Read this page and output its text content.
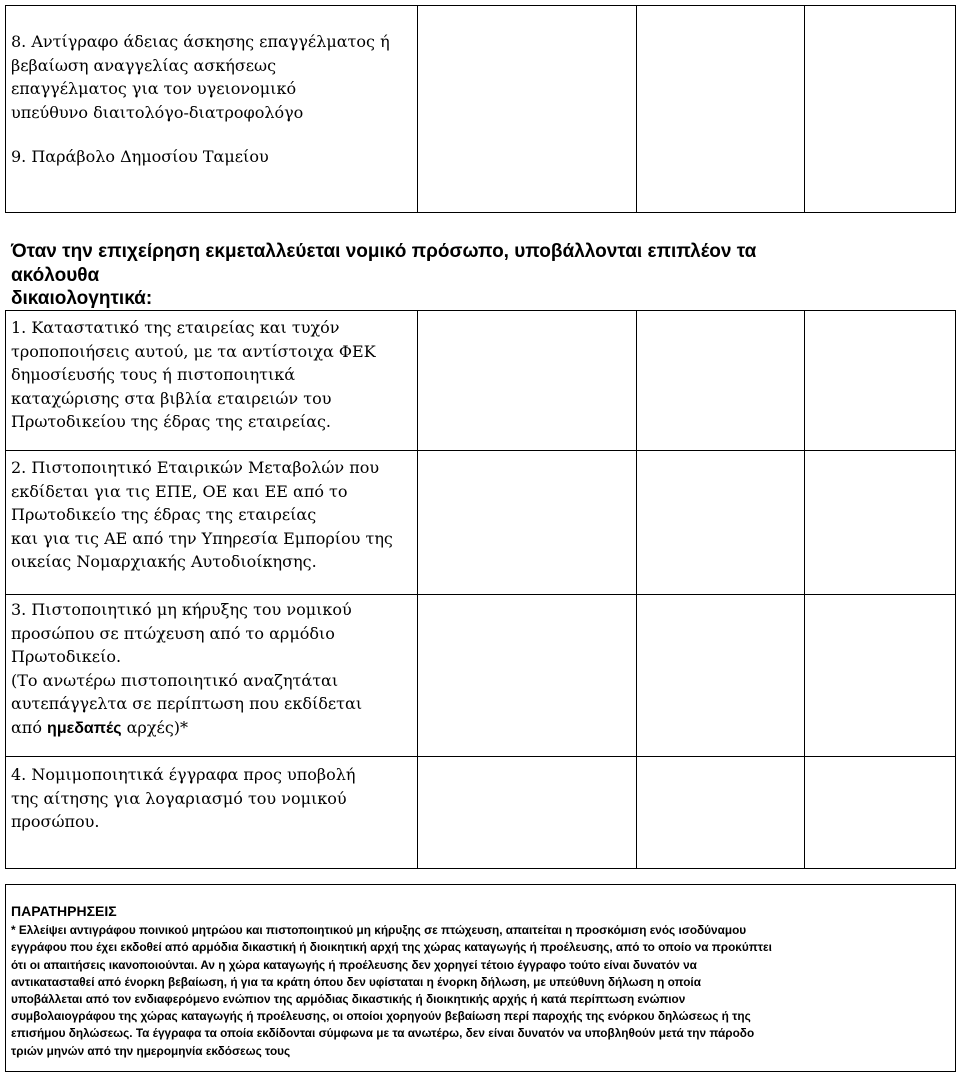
8. Αντίγραφο άδειας άσκησης επαγγέλματος ή
βεβαίωση αναγγελίας ασκήσεως
επαγγέλματος για τον υγειονομικό
υπεύθυνο διαιτολόγο-διατροφολόγο
9. Παράβολο Δημοσίου Ταμείου
Όταν την επιχείρηση εκμεταλλεύεται νομικό πρόσωπο, υποβάλλονται επιπλέον τα
ακόλουθα
δικαιολογητικά:
1. Καταστατικό της εταιρείας και τυχόν
τροποποιήσεις αυτού, με τα αντίστοιχα ΦΕΚ
δημοσίευσής τους ή πιστοποιητικά
καταχώρισης στα βιβλία εταιρειών του
Πρωτοδικείου της έδρας της εταιρείας.
2. Πιστοποιητικό Εταιρικών Μεταβολών που
εκδίδεται για τις ΕΠΕ, ΟΕ και ΕΕ από το
Πρωτοδικείο της έδρας της εταιρείας
και για τις ΑΕ από την Υπηρεσία Εμπορίου της
οικείας Νομαρχιακής Αυτοδιοίκησης.
3. Πιστοποιητικό μη κήρυξης του νομικού
προσώπου σε πτώχευση από το αρμόδιο
Πρωτοδικείο.
(Το ανωτέρω πιστοποιητικό αναζητάται
αυτεπάγγελτα σε περίπτωση που εκδίδεται
από ημεδαπές αρχές)*
4. Νομιμοποιητικά έγγραφα προς υποβολή
της αίτησης για λογαριασμό του νομικού
προσώπου.
ΠΑΡΑΤΗΡΗΣΕΙΣ
* Ελλείψει αντιγράφου ποινικού μητρώου και πιστοποιητικού μη κήρυξης σε πτώχευση, απαιτείται η προσκόμιση ενός ισοδύναμου
εγγράφου που έχει εκδοθεί από αρμόδια δικαστική ή διοικητική αρχή της χώρας καταγωγής ή προέλευσης, από το οποίο να προκύπτει
ότι οι απαιτήσεις ικανοποιούνται. Αν η χώρα καταγωγής ή προέλευσης δεν χορηγεί τέτοιο έγγραφο τούτο είναι δυνατόν να
αντικατασταθεί από ένορκη βεβαίωση, ή για τα κράτη όπου δεν υφίσταται η ένορκη δήλωση, με υπεύθυνη δήλωση η οποία
υποβάλλεται από τον ενδιαφερόμενο ενώπιον της αρμόδιας δικαστικής ή διοικητικής αρχής ή κατά περίπτωση ενώπιον
συμβολαιογράφου της χώρας καταγωγής ή προέλευσης, οι οποίοι χορηγούν βεβαίωση περί παροχής της ενόρκου δηλώσεως ή της
επισήμου δηλώσεως. Τα έγγραφα τα οποία εκδίδονται σύμφωνα με τα ανωτέρω, δεν είναι δυνατόν να υποβληθούν μετά την πάροδο
τριών μηνών από την ημερομηνία εκδόσεως τους
